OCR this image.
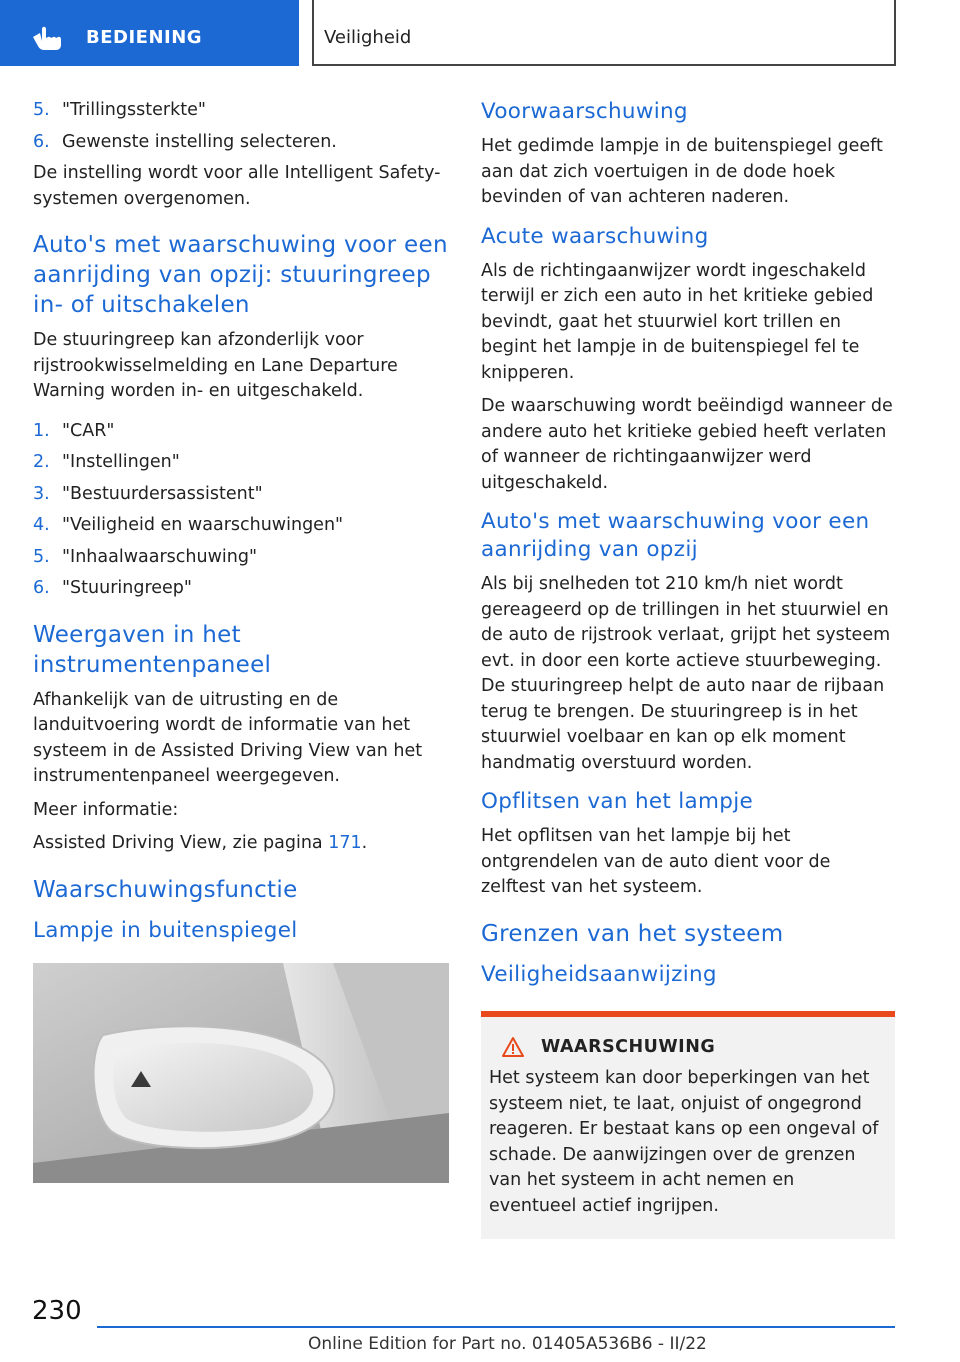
BEDIENING	Veiligheid
5. "Trillingssterkte"
6. Gewenste instelling selecteren.

De instelling wordt voor alle Intelligent Safety-systemen overgenomen.

Auto's met waarschuwing voor een aanrijding van opzij: stuuringreep in- of uitschakelen

De stuuringreep kan afzonderlijk voor rijstrookwisselmelding en Lane Departure Warning worden in- en uitgeschakeld.

1. "CAR"
2. "Instellingen"
3. "Bestuurdersassistent"
4. "Veiligheid en waarschuwingen"
5. "Inhaalwaarschuwing"
6. "Stuuringreep"
Weergaven in het instrumentenpaneel

Afhankelijk van de uitrusting en de landuitvoering wordt de informatie van het systeem in de Assisted Driving View van het instrumentenpaneel weergegeven.

Meer informatie:

Assisted Driving View, zie pagina 171.

Waarschuwingsfunctie
Lampje in buitenspiegel
Voorwaarschuwing

Het gedimde lampje in de buitenspiegel geeft aan dat zich voertuigen in de dode hoek bevinden of van achteren naderen.

Acute waarschuwing

Als de richtingaanwijzer wordt ingeschakeld terwijl er zich een auto in het kritieke gebied bevindt, gaat het stuurwiel kort trillen en begint het lampje in de buitenspiegel fel te knipperen.

De waarschuwing wordt beëindigd wanneer de andere auto het kritieke gebied heeft verlaten of wanneer de richtingaanwijzer werd uitgeschakeld.

Auto's met waarschuwing voor een aanrijding van opzij

Als bij snelheden tot 210 km/h niet wordt gereageerd op de trillingen in het stuurwiel en de auto de rijstrook verlaat, grijpt het systeem evt. in door een korte actieve stuurbeweging. De stuuringreep helpt de auto naar de rijbaan terug te brengen. De stuuringreep is in het stuurwiel voelbaar en kan op elk moment handmatig overstuurd worden.

Opflitsen van het lampje

Het opflitsen van het lampje bij het ontgrendelen van de auto dient voor de zelftest van het systeem.

Grenzen van het systeem
Veiligheidsaanwijzing
WAARSCHUWING
Het systeem kan door beperkingen van het systeem niet, te laat, onjuist of ongegrond reageren. Er bestaat kans op een ongeval of schade. De aanwijzingen over de grenzen van het systeem in acht nemen en eventueel actief ingrijpen.
230
Online Edition for Part no. 01405A536B6 - II/22
